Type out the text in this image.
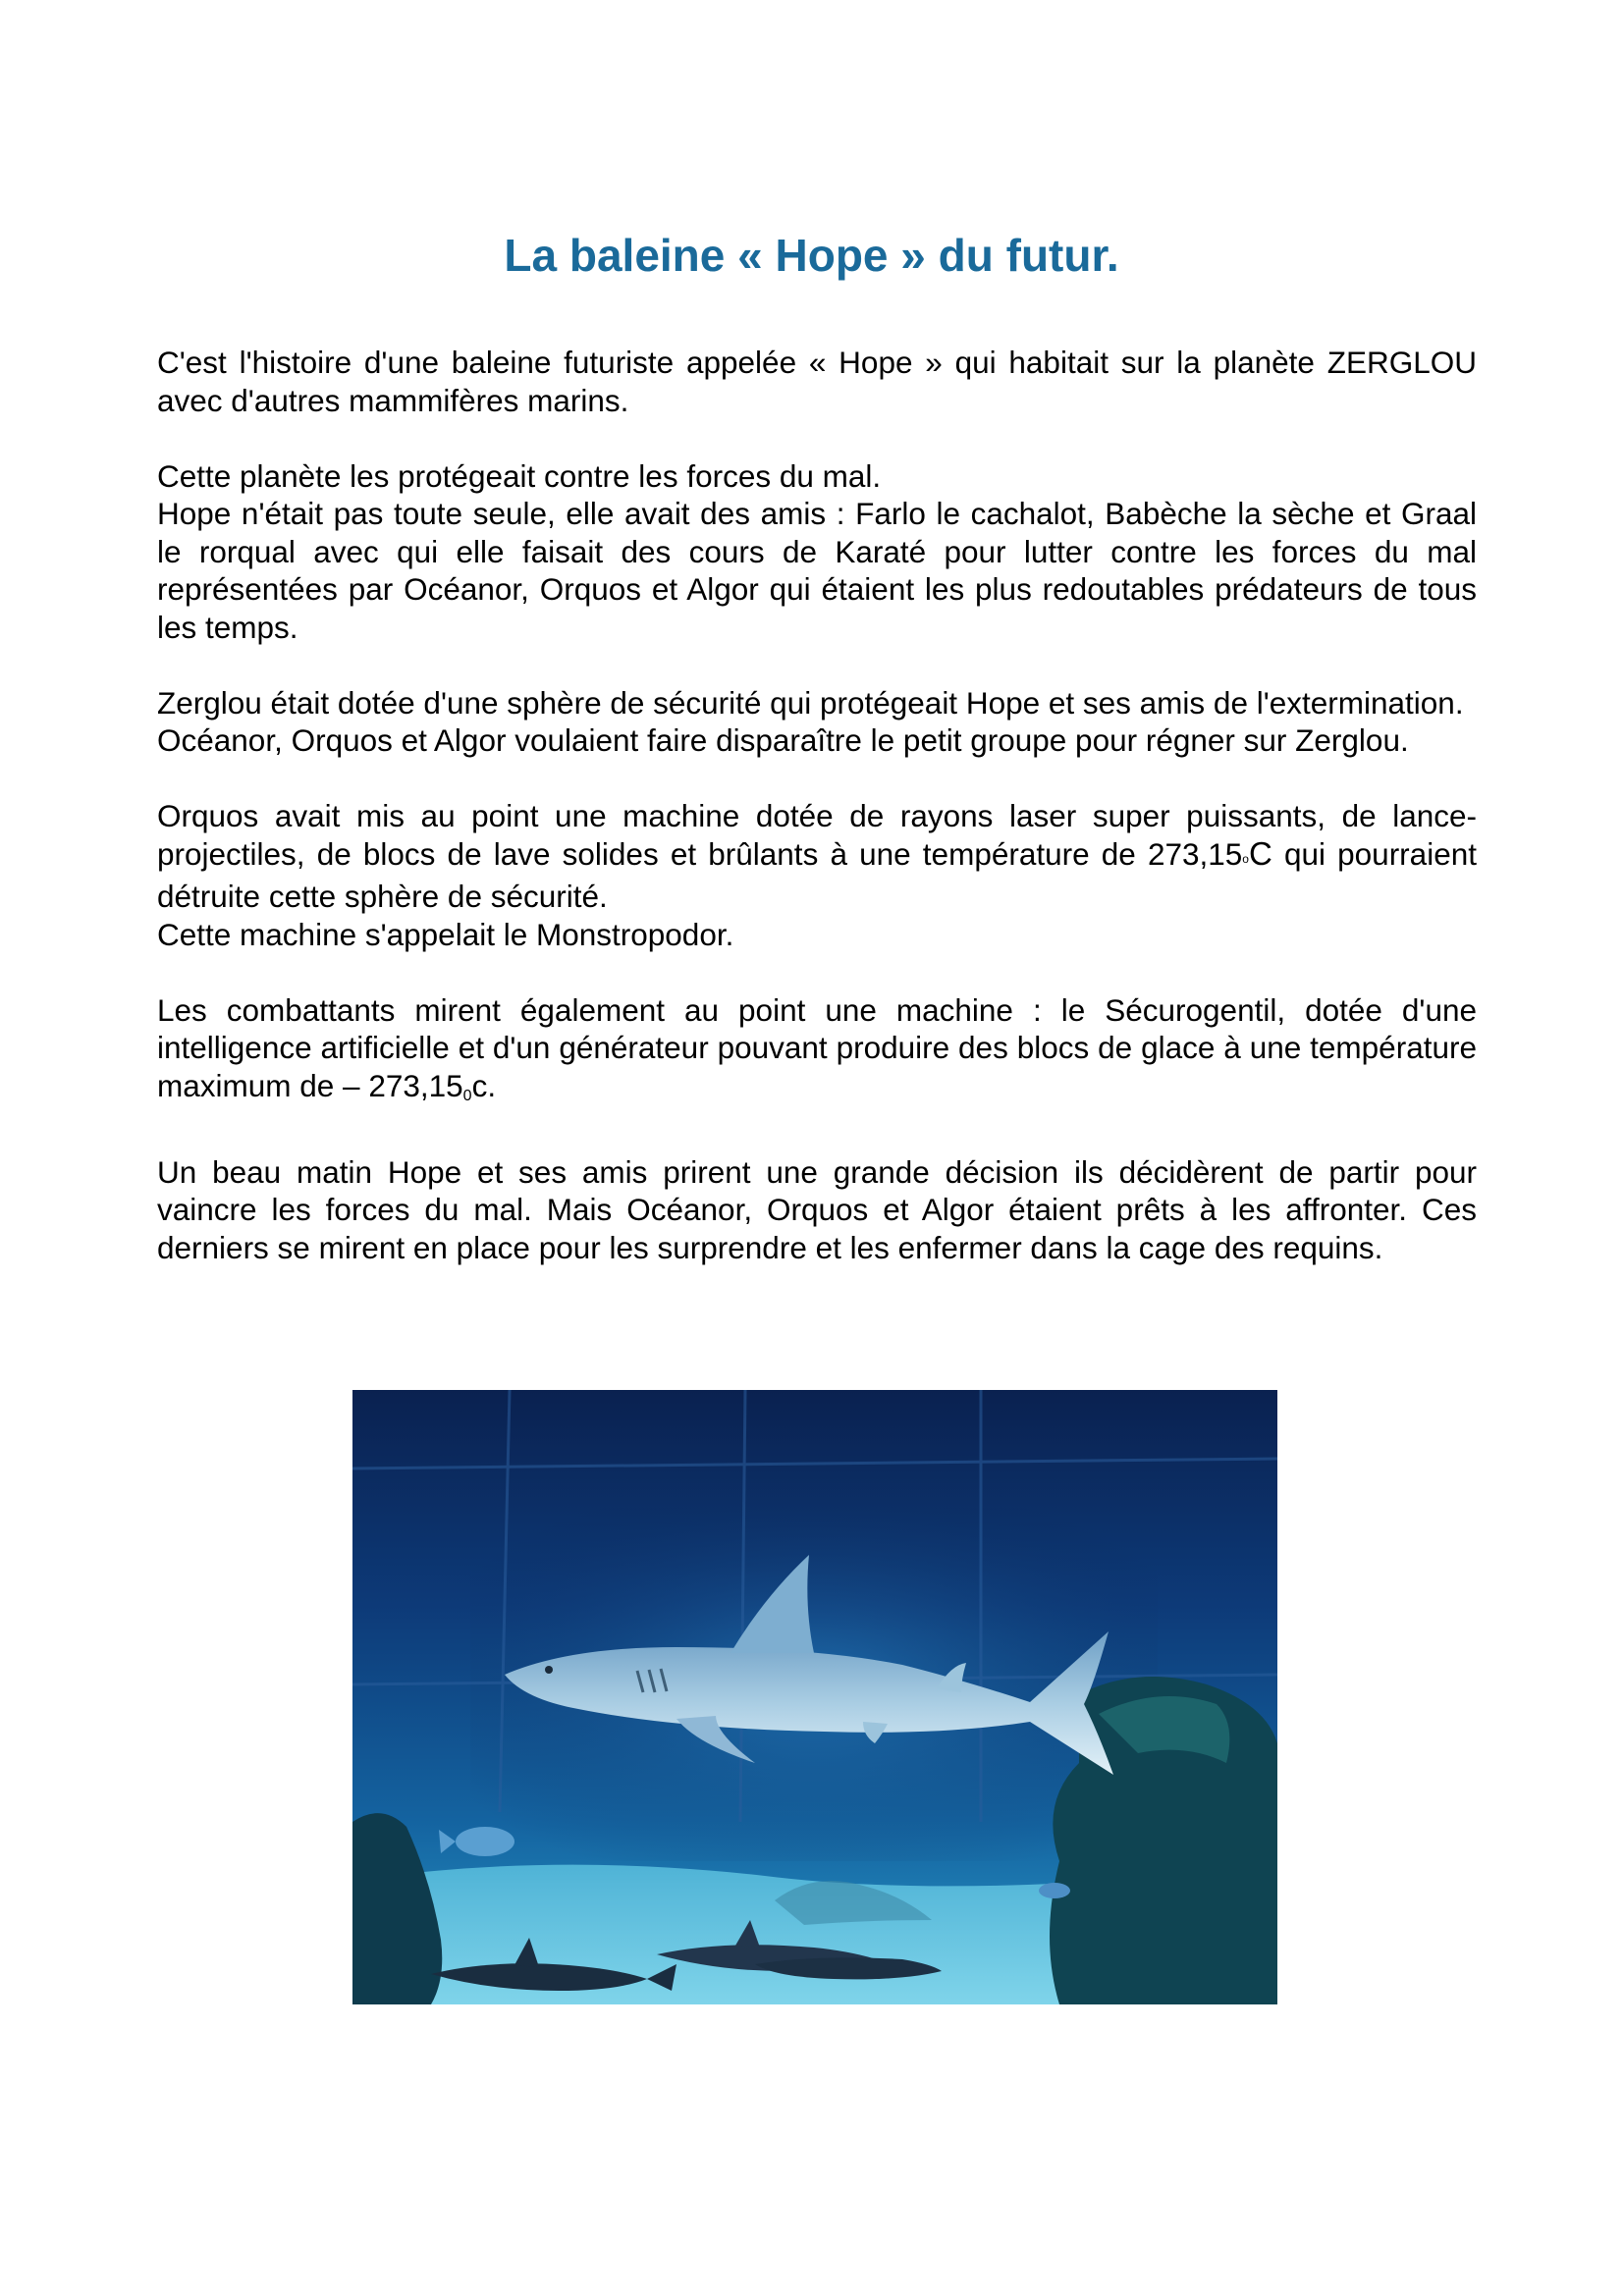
La baleine « Hope » du futur.

C'est l'histoire d'une baleine futuriste appelée « Hope » qui habitait sur la planète ZERGLOU avec d'autres mammifères marins.

Cette planète les protégeait contre les forces du mal.
Hope n'était pas toute seule, elle avait des amis : Farlo le cachalot, Babèche la sèche et Graal le rorqual avec qui elle faisait des cours de Karaté pour lutter contre les forces du mal représentées par Océanor, Orquos et Algor qui étaient les plus redoutables prédateurs de tous les temps.

Zerglou était dotée d'une sphère de sécurité qui protégeait Hope et ses amis de l'extermination.
Océanor, Orquos et Algor voulaient faire disparaître le petit groupe pour régner sur Zerglou.

Orquos avait mis au point une machine dotée de rayons laser super puissants, de lance-projectiles, de blocs de lave solides et brûlants à une température de 273,15oC qui pourraient détruite cette sphère de sécurité.
Cette machine s'appelait le Monstropodor.

Les combattants mirent également au point une machine : le Sécurogentil, dotée d'une intelligence artificielle et d'un générateur pouvant produire des blocs de glace à une température maximum de – 273,150c.

Un beau matin Hope et ses amis prirent une grande décision ils décidèrent de partir pour vaincre les forces du mal. Mais Océanor, Orquos et Algor étaient prêts à les affronter. Ces derniers se mirent en place pour les surprendre et les enfermer dans la cage des requins.
